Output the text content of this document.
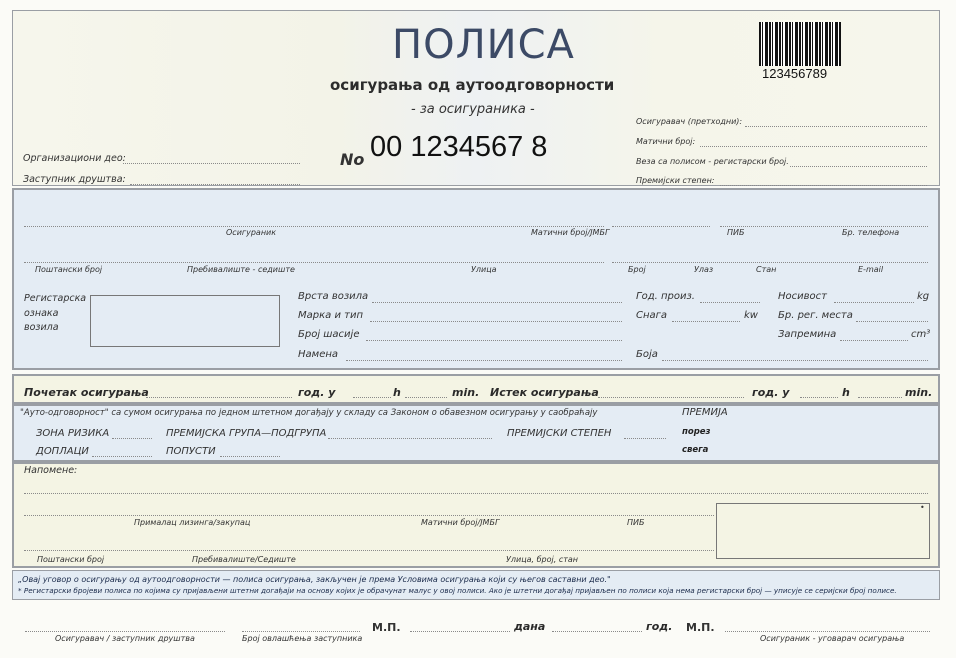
ПОЛИСА
осигурања од аутоодговорности
- за осигураника -
No 00 1234567 8
123456789
Организациони део:
Заступник друштва:
Осигуравач (претходни):
Матични број:
Веза са полисом - регистарски број.
Премијски степен:
Осигураник	Матични број/ЈМБГ	ПИБ	Бр. телефона
Поштански број	Пребивалиште - седиште	Улица	Број	Улаз	Стан	E-mail
Регистарска
ознака
возила
Врста возила
Марка и тип
Број шасије
Намена
Год. произ.
Снага	kw
Боја
Носивост	kg
Бр. рег. места
Запремина	cm³
Почетак осигурања	год. у	h	min. Истек осигурања	год. у	h	min.
"Ауто-одговорност" са сумом осигурања по једном штетном догађају у складу са Законом о обавезном осигурању у саобраћају
ЗОНА РИЗИКА	ПРЕМИЈСКА ГРУПА—ПОДГРУПА	ПРЕМИЈСКИ СТЕПЕН
ДОПЛАЦИ	ПОПУСТИ
ПРЕМИЈА
порез
свега
Напомене:
Прималац лизинга/закупац	Матични број/ЈМБГ	ПИБ
Поштански број	Пребивалиште/Седиште	Улица, број, стан
•
„Овај уговор о осигурању од аутоодговорности — полиса осигурања, закључен је према Условима осигурања који су његов саставни део."
* Регистарски бројеви полиса по којима су пријављени штетни догађаји на основу којих је обрачунат малус у овој полиси. Ако је штетни догађај пријављен по полиси која нема регистарски број — уписује се серијски број полисе.
Осигуравач / заступник друштва	Број овлашћења заступника
М.П.	дана	год. М.П.
Осигураник - уговарач осигурања
